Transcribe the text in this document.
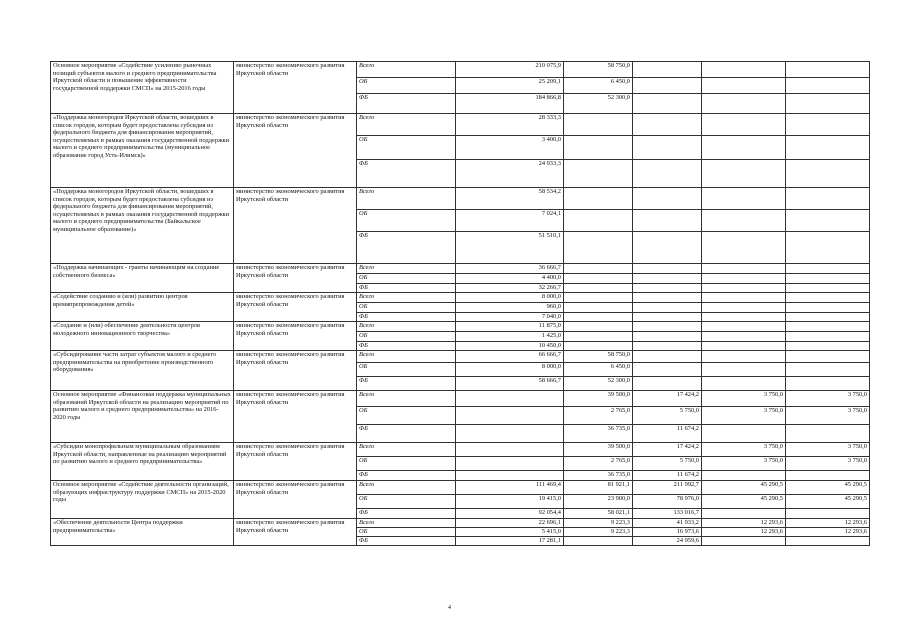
Основное мероприятие «Содействие усилению рыночных позиций субъектов малого и среднего предпринимательства Иркутской области и повышение эффективности государственной поддержки СМСП» на 2015-2016 годы	министерство экономического развития Иркутской области	Всего	210 075,9	58 750,0				
		ОБ	25 209,1	6 450,0				
		ФБ	184 866,8	52 300,0				
«Поддержка моногородов Иркутской области, вошедших в список городов, которым будет предоставлена субсидия из федерального бюджета для финансирования мероприятий, осуществляемых в рамках оказания государственной поддержки малого и среднего предпринимательства (муниципальное образование город Усть-Илимск)»	министерство экономического развития Иркутской области	Всего	28 333,3					
		ОБ	3 400,0					
		ФБ	24 933,3					
«Поддержка моногородов Иркутской области, вошедших в список городов, которым будет предоставлена субсидия из федерального бюджета для финансирования мероприятий, осуществляемых в рамках оказания государственной поддержки малого и среднего предпринимательства (Байкальское муниципальное образование)»	министерство экономического развития Иркутской области	Всего	58 534,2					
		ОБ	7 024,1					
		ФБ	51 510,1					
«Поддержка начинающих - гранты начинающим на создание собственного бизнеса»	министерство экономического развития Иркутской области	Всего	36 666,7					
		ОБ	4 400,0					
		ФБ	32 266,7					
«Содействие созданию и (или) развитию центров времяпрепровождения детей»	министерство экономического развития Иркутской области	Всего	8 000,0					
		ОБ	960,0					
		ФБ	7 040,0					
«Создание и (или) обеспечение деятельности центров молодежного инновационного творчества»	министерство экономического развития Иркутской области	Всего	11 875,0					
		ОБ	1 425,0					
		ФБ	10 450,0					
«Субсидирование части затрат субъектов малого и среднего предпринимательства на приобретение производственного оборудования»	министерство экономического развития Иркутской области	Всего	66 666,7	58 750,0				
		ОБ	8 000,0	6 450,0				
		ФБ	58 666,7	52 300,0				
Основное мероприятие «Финансовая поддержка муниципальных образований Иркутской области на реализацию мероприятий по развитию малого и среднего предпринимательства» на 2016-2020 годы	министерство экономического развития Иркутской области	Всего		39 500,0	17 424,2	3 750,0	3 750,0	
		ОБ		2 765,0	5 750,0	3 750,0	3 750,0	
		ФБ		36 735,0	11 674,2			
«Субсидии монопрофильным муниципальным образованиям Иркутской области, направленные на реализацию мероприятий по развитию малого и среднего предпринимательства»	министерство экономического развития Иркутской области	Всего		39 500,0	17 424,2	3 750,0	3 750,0	
		ОБ		2 765,0	5 750,0	3 750,0	3 750,0	
		ФБ		36 735,0	11 674,2			
Основное мероприятие «Содействие деятельности организаций, образующих инфраструктуру поддержки СМСП» на 2015-2020 годы	министерство экономического развития Иркутской области	Всего	111 469,4	81 921,1	211 992,7	45 290,5	45 290,5	
		ОБ	19 415,0	23 900,0	78 976,0	45 290,5	45 290,5	
		ФБ	92 054,4	58 021,1	133 016,7			
«Обеспечение деятельности Центра поддержки предпринимательства»	министерство экономического развития Иркутской области	Всего	22 696,1	9 223,3	41 933,2	12 293,6	12 293,6	
		ОБ	5 415,0	9 223,3	16 973,6	12 293,6	12 293,6	
		ФБ	17 281,1		24 959,6			
4
